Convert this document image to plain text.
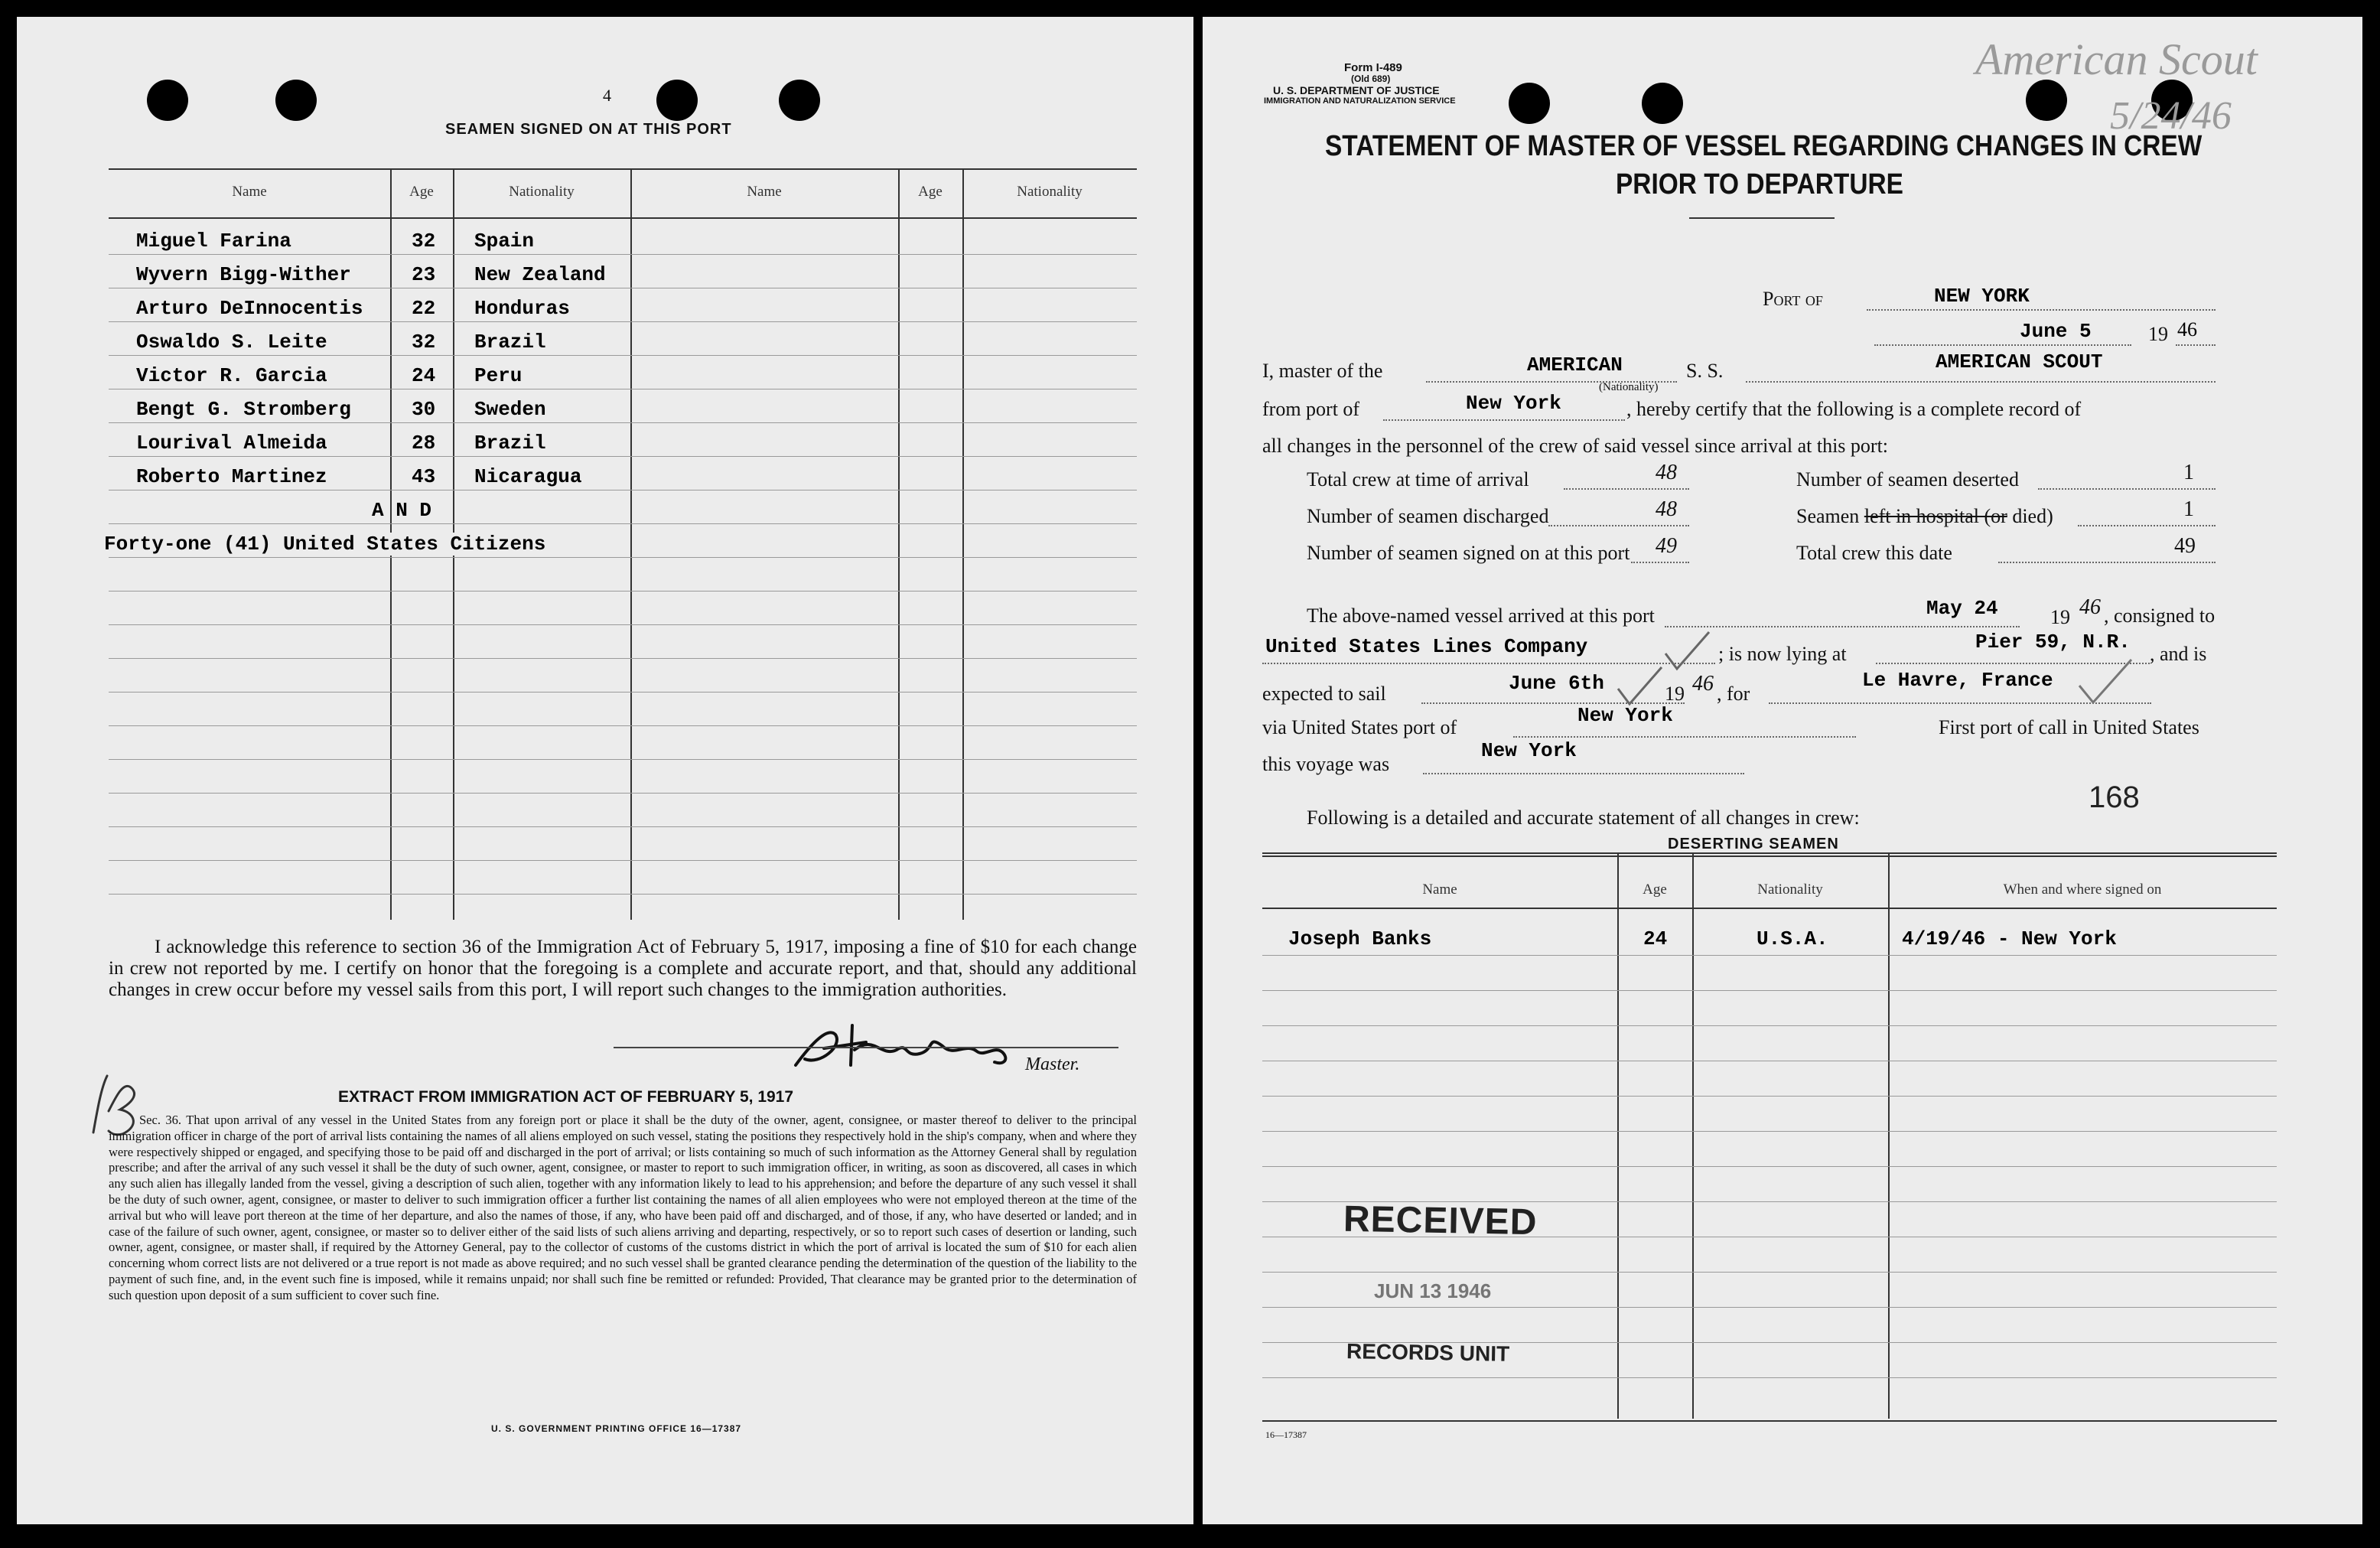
4
SEAMEN SIGNED ON AT THIS PORT
Name	Age	Nationality	Name	Age	Nationality
Miguel Farina	32 Spain
Wyvern Bigg-Wither	23 New Zealand
Arturo DeInnocentis 22 Honduras
Oswaldo S. Leite	32 Brazil
Victor R. Garcia	24 Peru
Bengt G. Stromberg	30 Sweden
Lourival Almeida	28 Brazil
Roberto Martinez	43 Nicaragua
A N D
Forty-one (41) United States Citizens
I acknowledge this reference to section 36 of the Immigration Act of February 5, 1917, imposing a fine of $10 for each change in crew not reported by me. I certify on honor that the foregoing is a complete and accurate report, and that, should any additional changes in crew occur before my vessel sails from this port, I will report such changes to the immigration authorities.
Master.
EXTRACT FROM IMMIGRATION ACT OF FEBRUARY 5, 1917
Sec. 36. That upon arrival of any vessel in the United States from any foreign port or place it shall be the duty of the owner, agent, consignee, or master thereof to deliver to the principal immigration officer in charge of the port of arrival lists containing the names of all aliens employed on such vessel, stating the positions they respectively hold in the ship's company, when and where they were respectively shipped or engaged, and specifying those to be paid off and discharged in the port of arrival; or lists containing so much of such information as the Attorney General shall by regulation prescribe; and after the arrival of any such vessel it shall be the duty of such owner, agent, consignee, or master to report to such immigration officer, in writing, as soon as discovered, all cases in which any such alien has illegally landed from the vessel, giving a description of such alien, together with any information likely to lead to his apprehension; and before the departure of any such vessel it shall be the duty of such owner, agent, consignee, or master to deliver to such immigration officer a further list containing the names of all alien employees who were not employed thereon at the time of the arrival but who will leave port thereon at the time of her departure, and also the names of those, if any, who have been paid off and discharged, and of those, if any, who have deserted or landed; and in case of the failure of such owner, agent, consignee, or master so to deliver either of the said lists of such aliens arriving and departing, respectively, or so to report such cases of desertion or landing, such owner, agent, consignee, or master shall, if required by the Attorney General, pay to the collector of customs of the customs district in which the port of arrival is located the sum of $10 for each alien concerning whom correct lists are not delivered or a true report is not made as above required; and no such vessel shall be granted clearance pending the determination of the question of the liability to the payment of such fine, and, in the event such fine is imposed, while it remains unpaid; nor shall such fine be remitted or refunded: Provided, That clearance may be granted prior to the determination of such question upon deposit of a sum sufficient to cover such fine.
U. S. GOVERNMENT PRINTING OFFICE 16—17387
Form I-489
(Old 689)
U. S. DEPARTMENT OF JUSTICE
IMMIGRATION AND NATURALIZATION SERVICE
American Scout
5/24/46
STATEMENT OF MASTER OF VESSEL REGARDING CHANGES IN CREW
PRIOR TO DEPARTURE
Port of	NEW YORK
June 5	19 46
I, master of the	AMERICAN
(Nationality)
S. S.	AMERICAN SCOUT
from port of	New York	, hereby certify that the following is a complete record of
all changes in the personnel of the crew of said vessel since arrival at this port:
Total crew at time of arrival	48
Number of seamen discharged	48
Number of seamen signed on at this port 49
Number of seamen deserted	1
Seamen left in hospital (or died)	1
Total crew this date	49
The above-named vessel arrived at this port	May 24	19 46 , consigned to
United States Lines Company	; is now lying at
Pier 59, N.R.
, and is
expected to sail	June 6th	19 46 , for
Le Havre, France
via United States port of
New York
First port of call in United States
this voyage was
New York
Following is a detailed and accurate statement of all changes in crew:
168
DESERTING SEAMEN
Name	Age	Nationality	When and where signed on
Joseph Banks	24	U.S.A.	4/19/46 - New York
RECEIVED
JUN 13 1946
RECORDS UNIT
16—17387
